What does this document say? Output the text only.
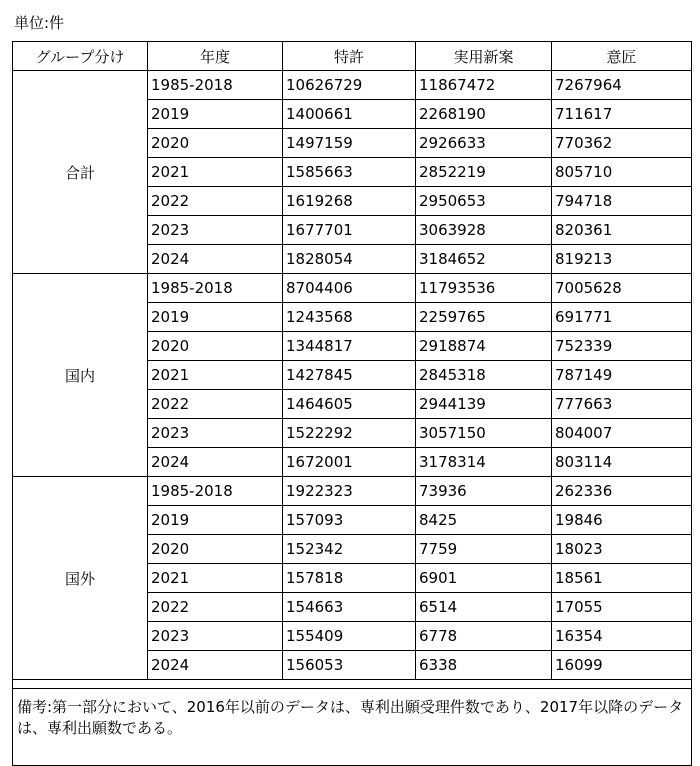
単位:件
グループ分け	年度	特許	実用新案	意匠
合計	1985-2018	10626729	11867472	7267964
	2019	1400661	2268190	711617
	2020	1497159	2926633	770362
	2021	1585663	2852219	805710
	2022	1619268	2950653	794718
	2023	1677701	3063928	820361
	2024	1828054	3184652	819213
国内	1985-2018	8704406	11793536	7005628
	2019	1243568	2259765	691771
	2020	1344817	2918874	752339
	2021	1427845	2845318	787149
	2022	1464605	2944139	777663
	2023	1522292	3057150	804007
	2024	1672001	3178314	803114
国外	1985-2018	1922323	73936	262336
	2019	157093	8425	19846
	2020	152342	7759	18023
	2021	157818	6901	18561
	2022	154663	6514	17055
	2023	155409	6778	16354
	2024	156053	6338	16099

備考:第一部分において、2016年以前のデータは、専利出願受理件数であり、2017年以降のデータは、専利出願数である。				
